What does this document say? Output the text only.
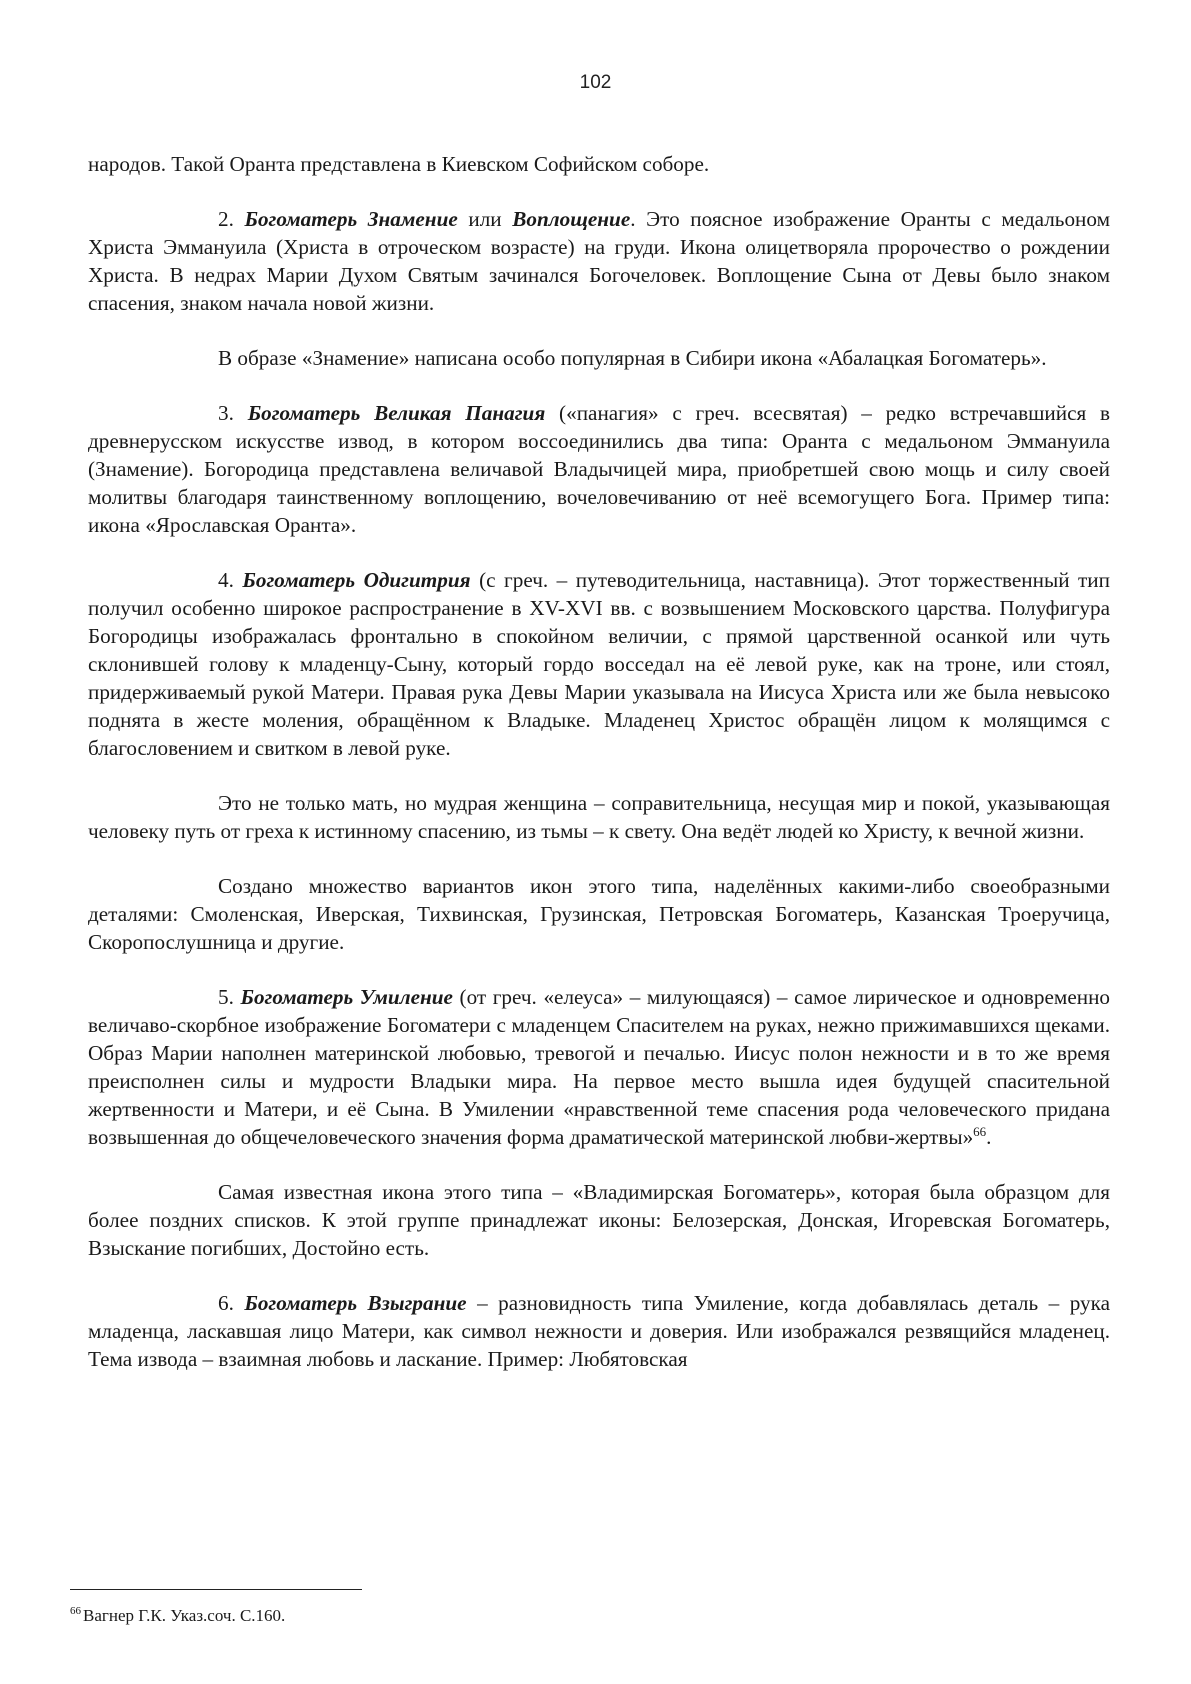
102

народов. Такой Оранта представлена в Киевском Софийском соборе.

2. Богоматерь Знамение или Воплощение. Это поясное изображение Оранты с медальоном Христа Эммануила (Христа в отроческом возрасте) на груди. Икона олицетворяла пророчество о рождении Христа. В недрах Марии Духом Святым зачинался Богочеловек. Воплощение Сына от Девы было знаком спасения, знаком начала новой жизни.

В образе «Знамение» написана особо популярная в Сибири икона «Абалацкая Богоматерь».

3. Богоматерь Великая Панагия («панагия» с греч. всесвятая) – редко встречавшийся в древнерусском искусстве извод, в котором воссоединились два типа: Оранта с медальоном Эммануила (Знамение). Богородица представлена величавой Владычицей мира, приобретшей свою мощь и силу своей молитвы благодаря таинственному воплощению, вочеловечиванию от неё всемогущего Бога. Пример типа: икона «Ярославская Оранта».

4. Богоматерь Одигитрия (с греч. – путеводительница, наставница). Этот торжественный тип получил особенно широкое распространение в XV-XVI вв. с возвышением Московского царства. Полуфигура Богородицы изображалась фронтально в спокойном величии, с прямой царственной осанкой или чуть склонившей голову к младенцу-Сыну, который гордо восседал на её левой руке, как на троне, или стоял, придерживаемый рукой Матери. Правая рука Девы Марии указывала на Иисуса Христа или же была невысоко поднята в жесте моления, обращённом к Владыке. Младенец Христос обращён лицом к молящимся с благословением и свитком в левой руке.

Это не только мать, но мудрая женщина – соправительница, несущая мир и покой, указывающая человеку путь от греха к истинному спасению, из тьмы – к свету. Она ведёт людей ко Христу, к вечной жизни.

Создано множество вариантов икон этого типа, наделённых какими-либо своеобразными деталями: Смоленская, Иверская, Тихвинская, Грузинская, Петровская Богоматерь, Казанская Троеручица, Скоропослушница и другие.

5. Богоматерь Умиление (от греч. «елеуса» – милующаяся) – самое лирическое и одновременно величаво-скорбное изображение Богоматери с младенцем Спасителем на руках, нежно прижимавшихся щеками. Образ Марии наполнен материнской любовью, тревогой и печалью. Иисус полон нежности и в то же время преисполнен силы и мудрости Владыки мира. На первое место вышла идея будущей спасительной жертвенности и Матери, и её Сына. В Умилении «нравственной теме спасения рода человеческого придана возвышенная до общечеловеческого значения форма драматической материнской любви-жертвы»$^{66}$.

Самая известная икона этого типа – «Владимирская Богоматерь», которая была образцом для более поздних списков. К этой группе принадлежат иконы: Белозерская, Донская, Игоревская Богоматерь, Взыскание погибших, Достойно есть.

6. Богоматерь Взыграние – разновидность типа Умиление, когда добавлялась деталь – рука младенца, ласкавшая лицо Матери, как символ нежности и доверия. Или изображался резвящийся младенец. Тема извода – взаимная любовь и ласкание. Пример: Любятовская

$^{66}$ Вагнер Г.К. Указ.соч. С.160.
